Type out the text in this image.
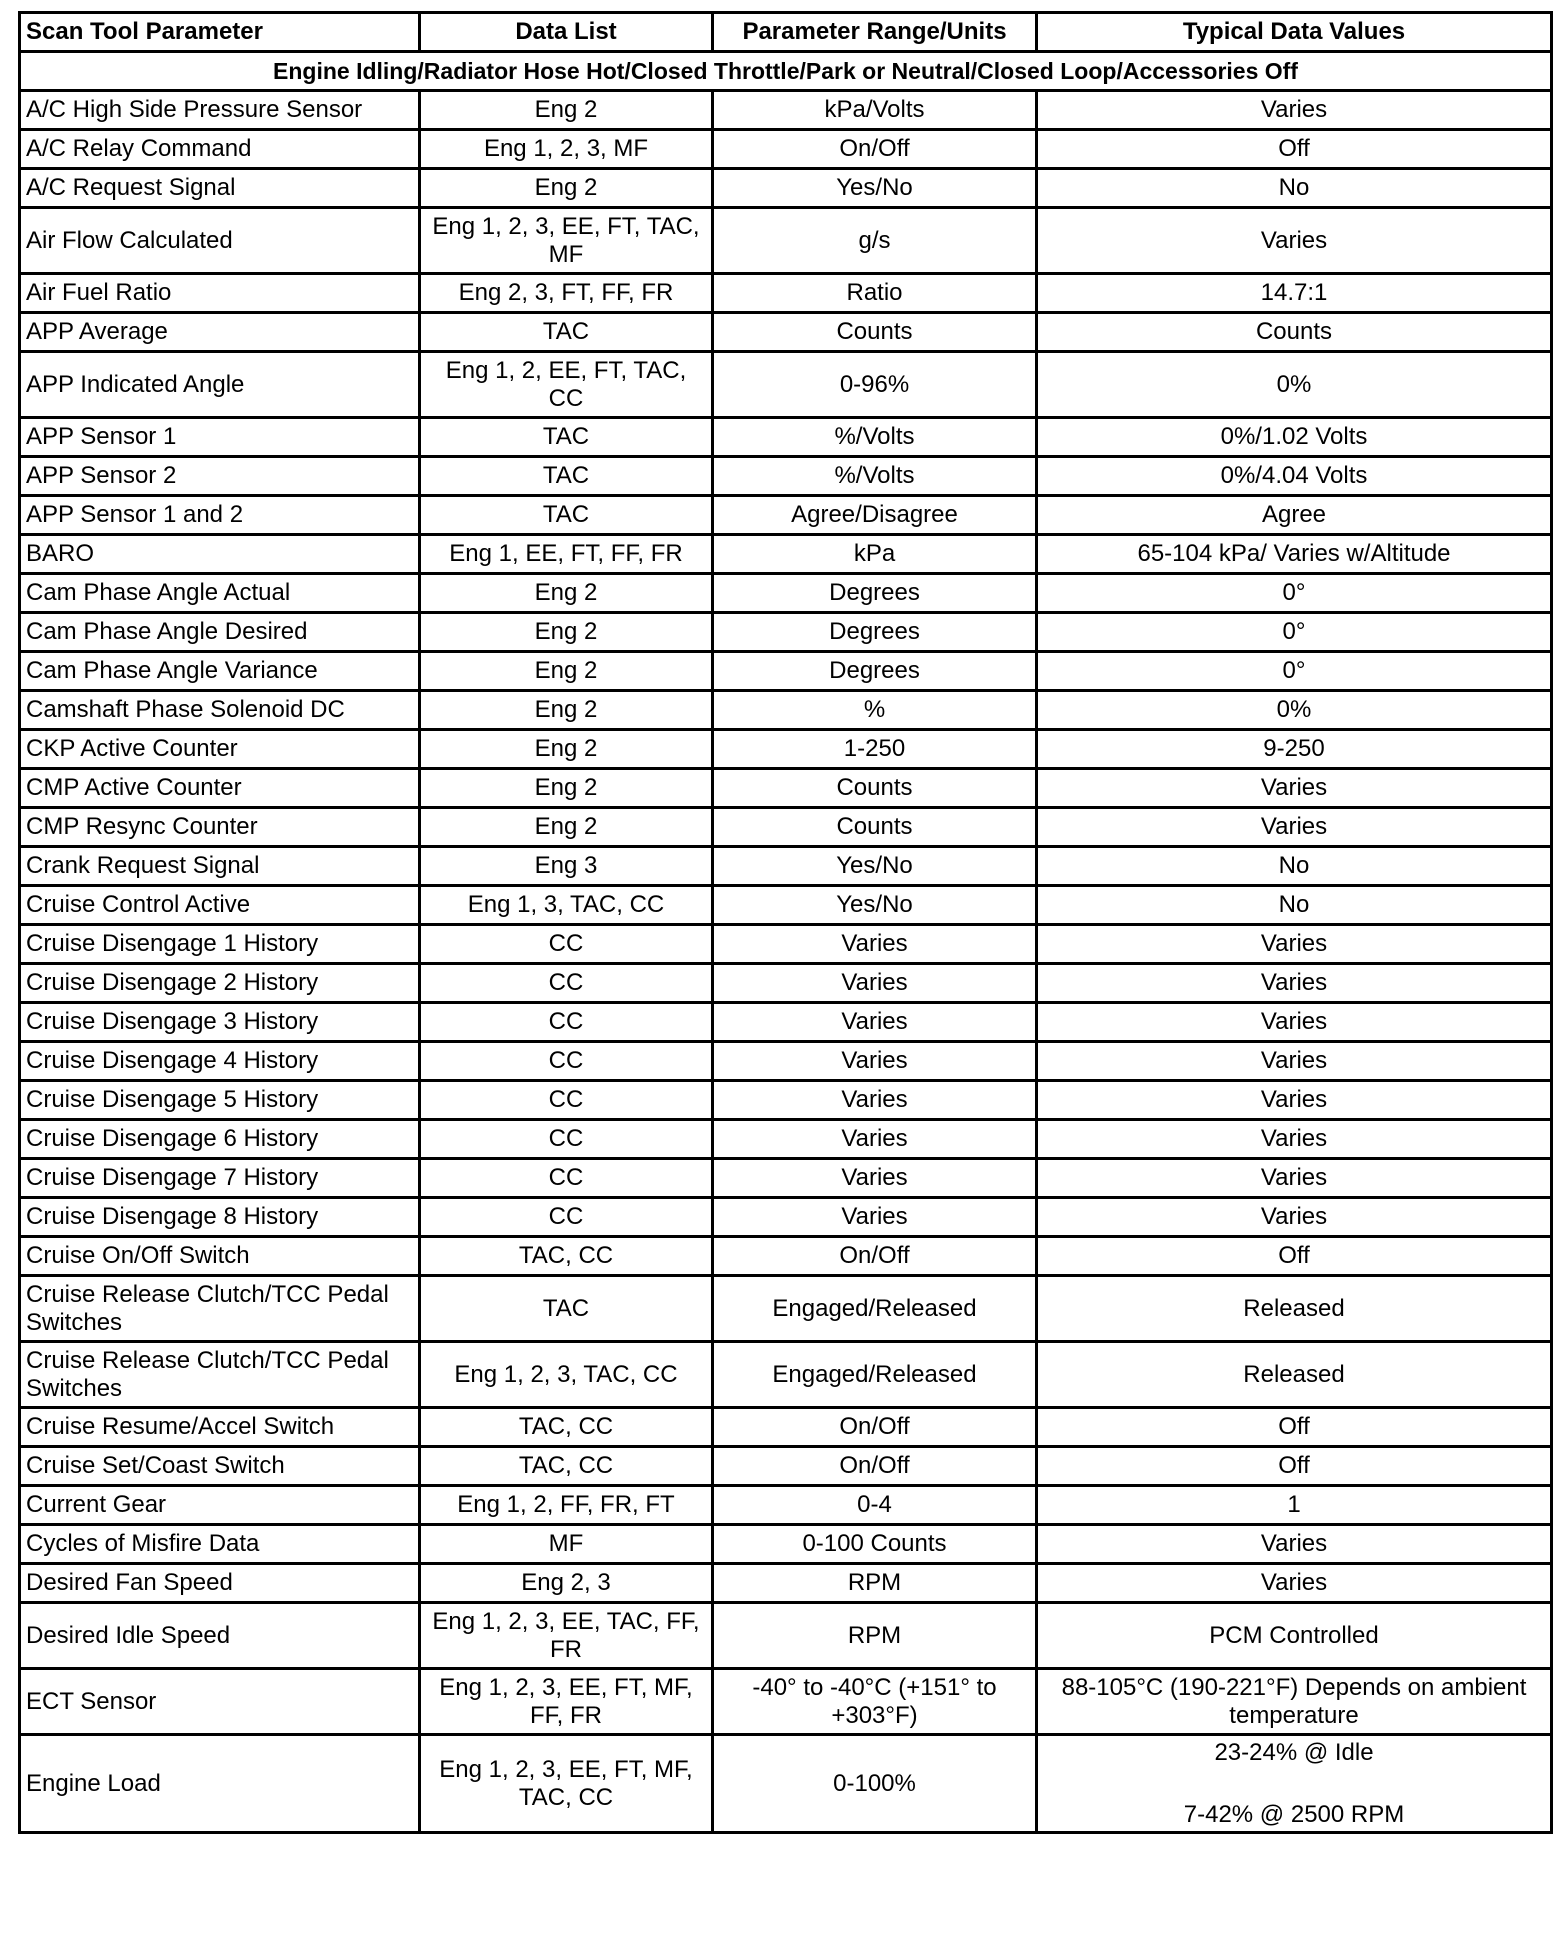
Scan Tool Parameter	Data List	Parameter Range/Units	Typical Data Values
Engine Idling/Radiator Hose Hot/Closed Throttle/Park or Neutral/Closed Loop/Accessories Off			
A/C High Side Pressure Sensor	Eng 2	kPa/Volts	Varies
A/C Relay Command	Eng 1, 2, 3, MF	On/Off	Off
A/C Request Signal	Eng 2	Yes/No	No
Air Flow Calculated	Eng 1, 2, 3, EE, FT, TAC, MF	g/s	Varies
Air Fuel Ratio	Eng 2, 3, FT, FF, FR	Ratio	14.7:1
APP Average	TAC	Counts	Counts
APP Indicated Angle	Eng 1, 2, EE, FT, TAC, CC	0-96%	0%
APP Sensor 1	TAC	%/Volts	0%/1.02 Volts
APP Sensor 2	TAC	%/Volts	0%/4.04 Volts
APP Sensor 1 and 2	TAC	Agree/Disagree	Agree
BARO	Eng 1, EE, FT, FF, FR	kPa	65-104 kPa/ Varies w/Altitude
Cam Phase Angle Actual	Eng 2	Degrees	0°
Cam Phase Angle Desired	Eng 2	Degrees	0°
Cam Phase Angle Variance	Eng 2	Degrees	0°
Camshaft Phase Solenoid DC	Eng 2	%	0%
CKP Active Counter	Eng 2	1-250	9-250
CMP Active Counter	Eng 2	Counts	Varies
CMP Resync Counter	Eng 2	Counts	Varies
Crank Request Signal	Eng 3	Yes/No	No
Cruise Control Active	Eng 1, 3, TAC, CC	Yes/No	No
Cruise Disengage 1 History	CC	Varies	Varies
Cruise Disengage 2 History	CC	Varies	Varies
Cruise Disengage 3 History	CC	Varies	Varies
Cruise Disengage 4 History	CC	Varies	Varies
Cruise Disengage 5 History	CC	Varies	Varies
Cruise Disengage 6 History	CC	Varies	Varies
Cruise Disengage 7 History	CC	Varies	Varies
Cruise Disengage 8 History	CC	Varies	Varies
Cruise On/Off Switch	TAC, CC	On/Off	Off
Cruise Release Clutch/TCC Pedal Switches	TAC	Engaged/Released	Released
Cruise Release Clutch/TCC Pedal Switches	Eng 1, 2, 3, TAC, CC	Engaged/Released	Released
Cruise Resume/Accel Switch	TAC, CC	On/Off	Off
Cruise Set/Coast Switch	TAC, CC	On/Off	Off
Current Gear	Eng 1, 2, FF, FR, FT	0-4	1
Cycles of Misfire Data	MF	0-100 Counts	Varies
Desired Fan Speed	Eng 2, 3	RPM	Varies
Desired Idle Speed	Eng 1, 2, 3, EE, TAC, FF, FR	RPM	PCM Controlled
ECT Sensor	Eng 1, 2, 3, EE, FT, MF, FF, FR	-40° to -40°C (+151° to +303°F)	88-105°C (190-221°F) Depends on ambient temperature
Engine Load	Eng 1, 2, 3, EE, FT, MF, TAC, CC	0-100%	23-24% @ Idle
7-42% @ 2500 RPM
